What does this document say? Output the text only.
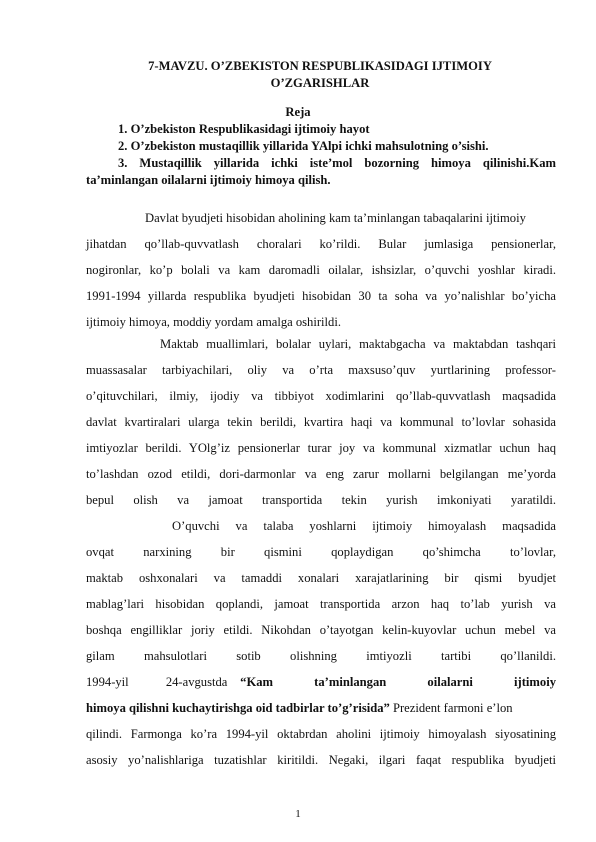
7-MAVZU. O’ZBEKISTON RESPUBLIKASIDAGI IJTIMOIY
O’ZGARISHLAR
Reja
1. O’zbekiston Respublikasidagi ijtimoiy hayot
2. O’zbekiston mustaqillik yillarida YAlpi ichki mahsulotning o’sishi.
3. Mustaqillik yillarida ichki iste’mol bozorning himoya qilinishi.Kam
ta’minlangan oilalarni ijtimoiy himoya qilish.
Davlat byudjeti hisobidan aholining kam ta’minlangan tabaqalarini ijtimoiy
jihatdan qo’llab-quvvatlash choralari ko’rildi. Bular jumlasiga pensionerlar,
nogironlar, ko’p bolali va kam daromadli oilalar, ishsizlar, o’quvchi yoshlar kiradi.
1991-1994 yillarda respublika byudjeti hisobidan 30 ta soha va yo’nalishlar bo’yicha
ijtimoiy himoya, moddiy yordam amalga oshirildi.
Maktab muallimlari, bolalar uylari, maktabgacha va maktabdan tashqari
muassasalar tarbiyachilari, oliy va o’rta maxsuso’quv yurtlarining professor-
o’qituvchilari, ilmiy, ijodiy va tibbiyot xodimlarini qo’llab-quvvatlash maqsadida
davlat kvartiralari ularga tekin berildi, kvartira haqi va kommunal to’lovlar sohasida
imtiyozlar berildi. YOlg’iz pensionerlar turar joy va kommunal xizmatlar uchun haq
to’lashdan ozod etildi, dori-darmonlar va eng zarur mollarni belgilangan me’yorda
bepul olish va jamoat transportida tekin yurish imkoniyati yaratildi.
O’quvchi va talaba yoshlarni ijtimoiy himoyalash maqsadida
ovqat narxining bir qismini qoplaydigan qo’shimcha to’lovlar,
maktab oshxonalari va tamaddi xonalari xarajatlarining bir qismi byudjet
mablag’lari hisobidan qoplandi, jamoat transportida arzon haq to’lab yurish va
boshqa engilliklar joriy etildi. Nikohdan o’tayotgan kelin-kuyovlar uchun mebel va
gilam mahsulotlari sotib olishning imtiyozli tartibi qo’llanildi.
1994-yil 24-avgustda “Kam ta’minlangan oilalarni ijtimoiy
himoya qilishni kuchaytirishga oid tadbirlar to’g’risida” Prezident farmoni e’lon
qilindi. Farmonga ko’ra 1994-yil oktabrdan aholini ijtimoiy himoyalash siyosatining
asosiy yo’nalishlariga tuzatishlar kiritildi. Negaki, ilgari faqat respublika byudjeti
1
